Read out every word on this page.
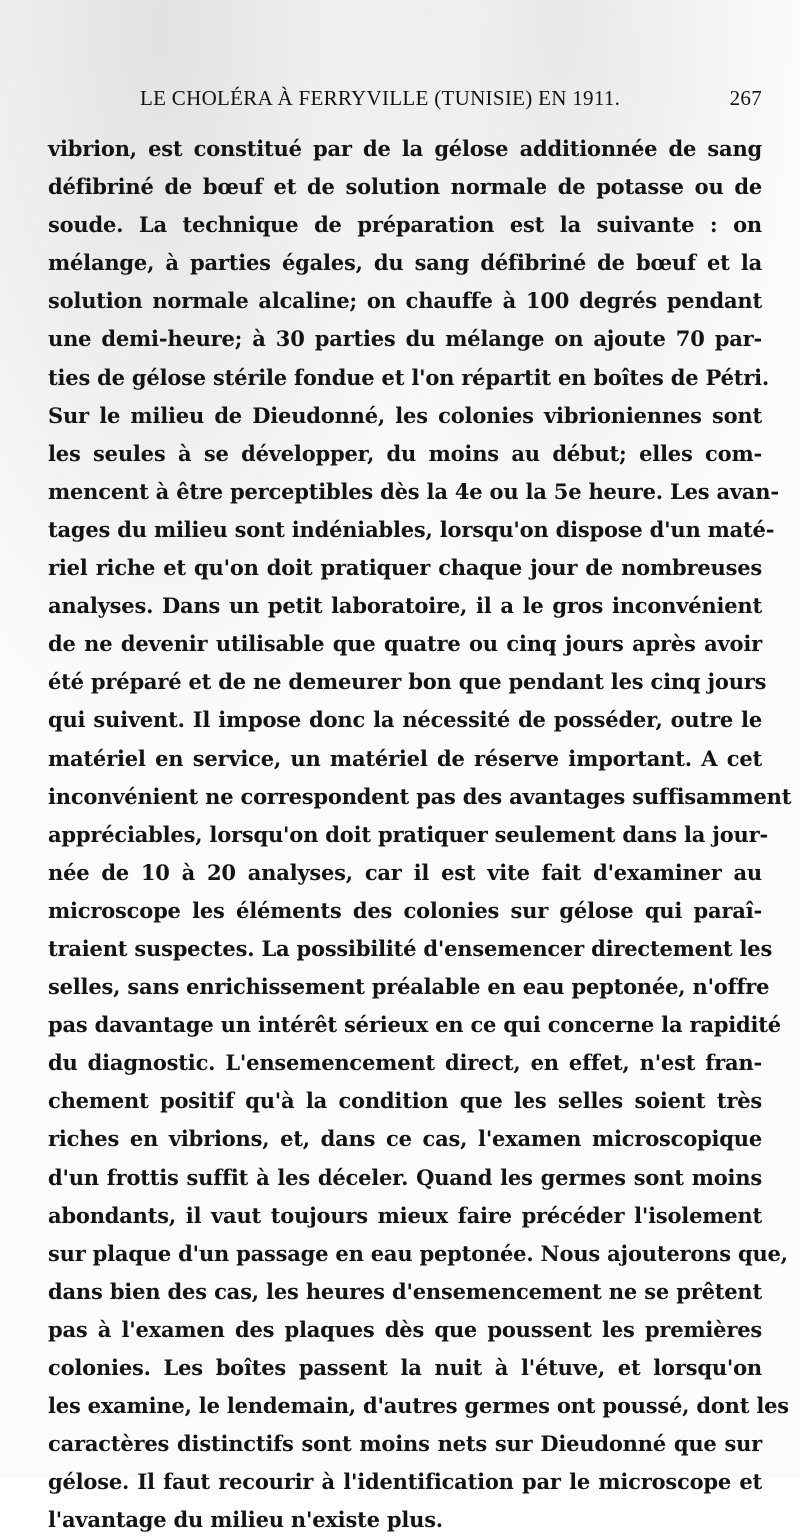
LE CHOLÉRA À FERRYVILLE (TUNISIE) EN 1911.	267
vibrion, est constitué par de la gélose additionnée de sang
défibriné de bœuf et de solution normale de potasse ou de
soude. La technique de préparation est la suivante : on
mélange, à parties égales, du sang défibriné de bœuf et la
solution normale alcaline; on chauffe à 100 degrés pendant
une demi-heure; à 30 parties du mélange on ajoute 70 par-
ties de gélose stérile fondue et l'on répartit en boîtes de Pétri.
Sur le milieu de Dieudonné, les colonies vibrioniennes sont
les seules à se développer, du moins au début; elles com-
mencent à être perceptibles dès la 4e ou la 5e heure. Les avan-
tages du milieu sont indéniables, lorsqu'on dispose d'un maté-
riel riche et qu'on doit pratiquer chaque jour de nombreuses
analyses. Dans un petit laboratoire, il a le gros inconvénient
de ne devenir utilisable que quatre ou cinq jours après avoir
été préparé et de ne demeurer bon que pendant les cinq jours
qui suivent. Il impose donc la nécessité de posséder, outre le
matériel en service, un matériel de réserve important. A cet
inconvénient ne correspondent pas des avantages suffisamment
appréciables, lorsqu'on doit pratiquer seulement dans la jour-
née de 10 à 20 analyses, car il est vite fait d'examiner au
microscope les éléments des colonies sur gélose qui paraî-
traient suspectes. La possibilité d'ensemencer directement les
selles, sans enrichissement préalable en eau peptonée, n'offre
pas davantage un intérêt sérieux en ce qui concerne la rapidité
du diagnostic. L'ensemencement direct, en effet, n'est fran-
chement positif qu'à la condition que les selles soient très
riches en vibrions, et, dans ce cas, l'examen microscopique
d'un frottis suffit à les déceler. Quand les germes sont moins
abondants, il vaut toujours mieux faire précéder l'isolement
sur plaque d'un passage en eau peptonée. Nous ajouterons que,
dans bien des cas, les heures d'ensemencement ne se prêtent
pas à l'examen des plaques dès que poussent les premières
colonies. Les boîtes passent la nuit à l'étuve, et lorsqu'on
les examine, le lendemain, d'autres germes ont poussé, dont les
caractères distinctifs sont moins nets sur Dieudonné que sur
gélose. Il faut recourir à l'identification par le microscope et
l'avantage du milieu n'existe plus.
